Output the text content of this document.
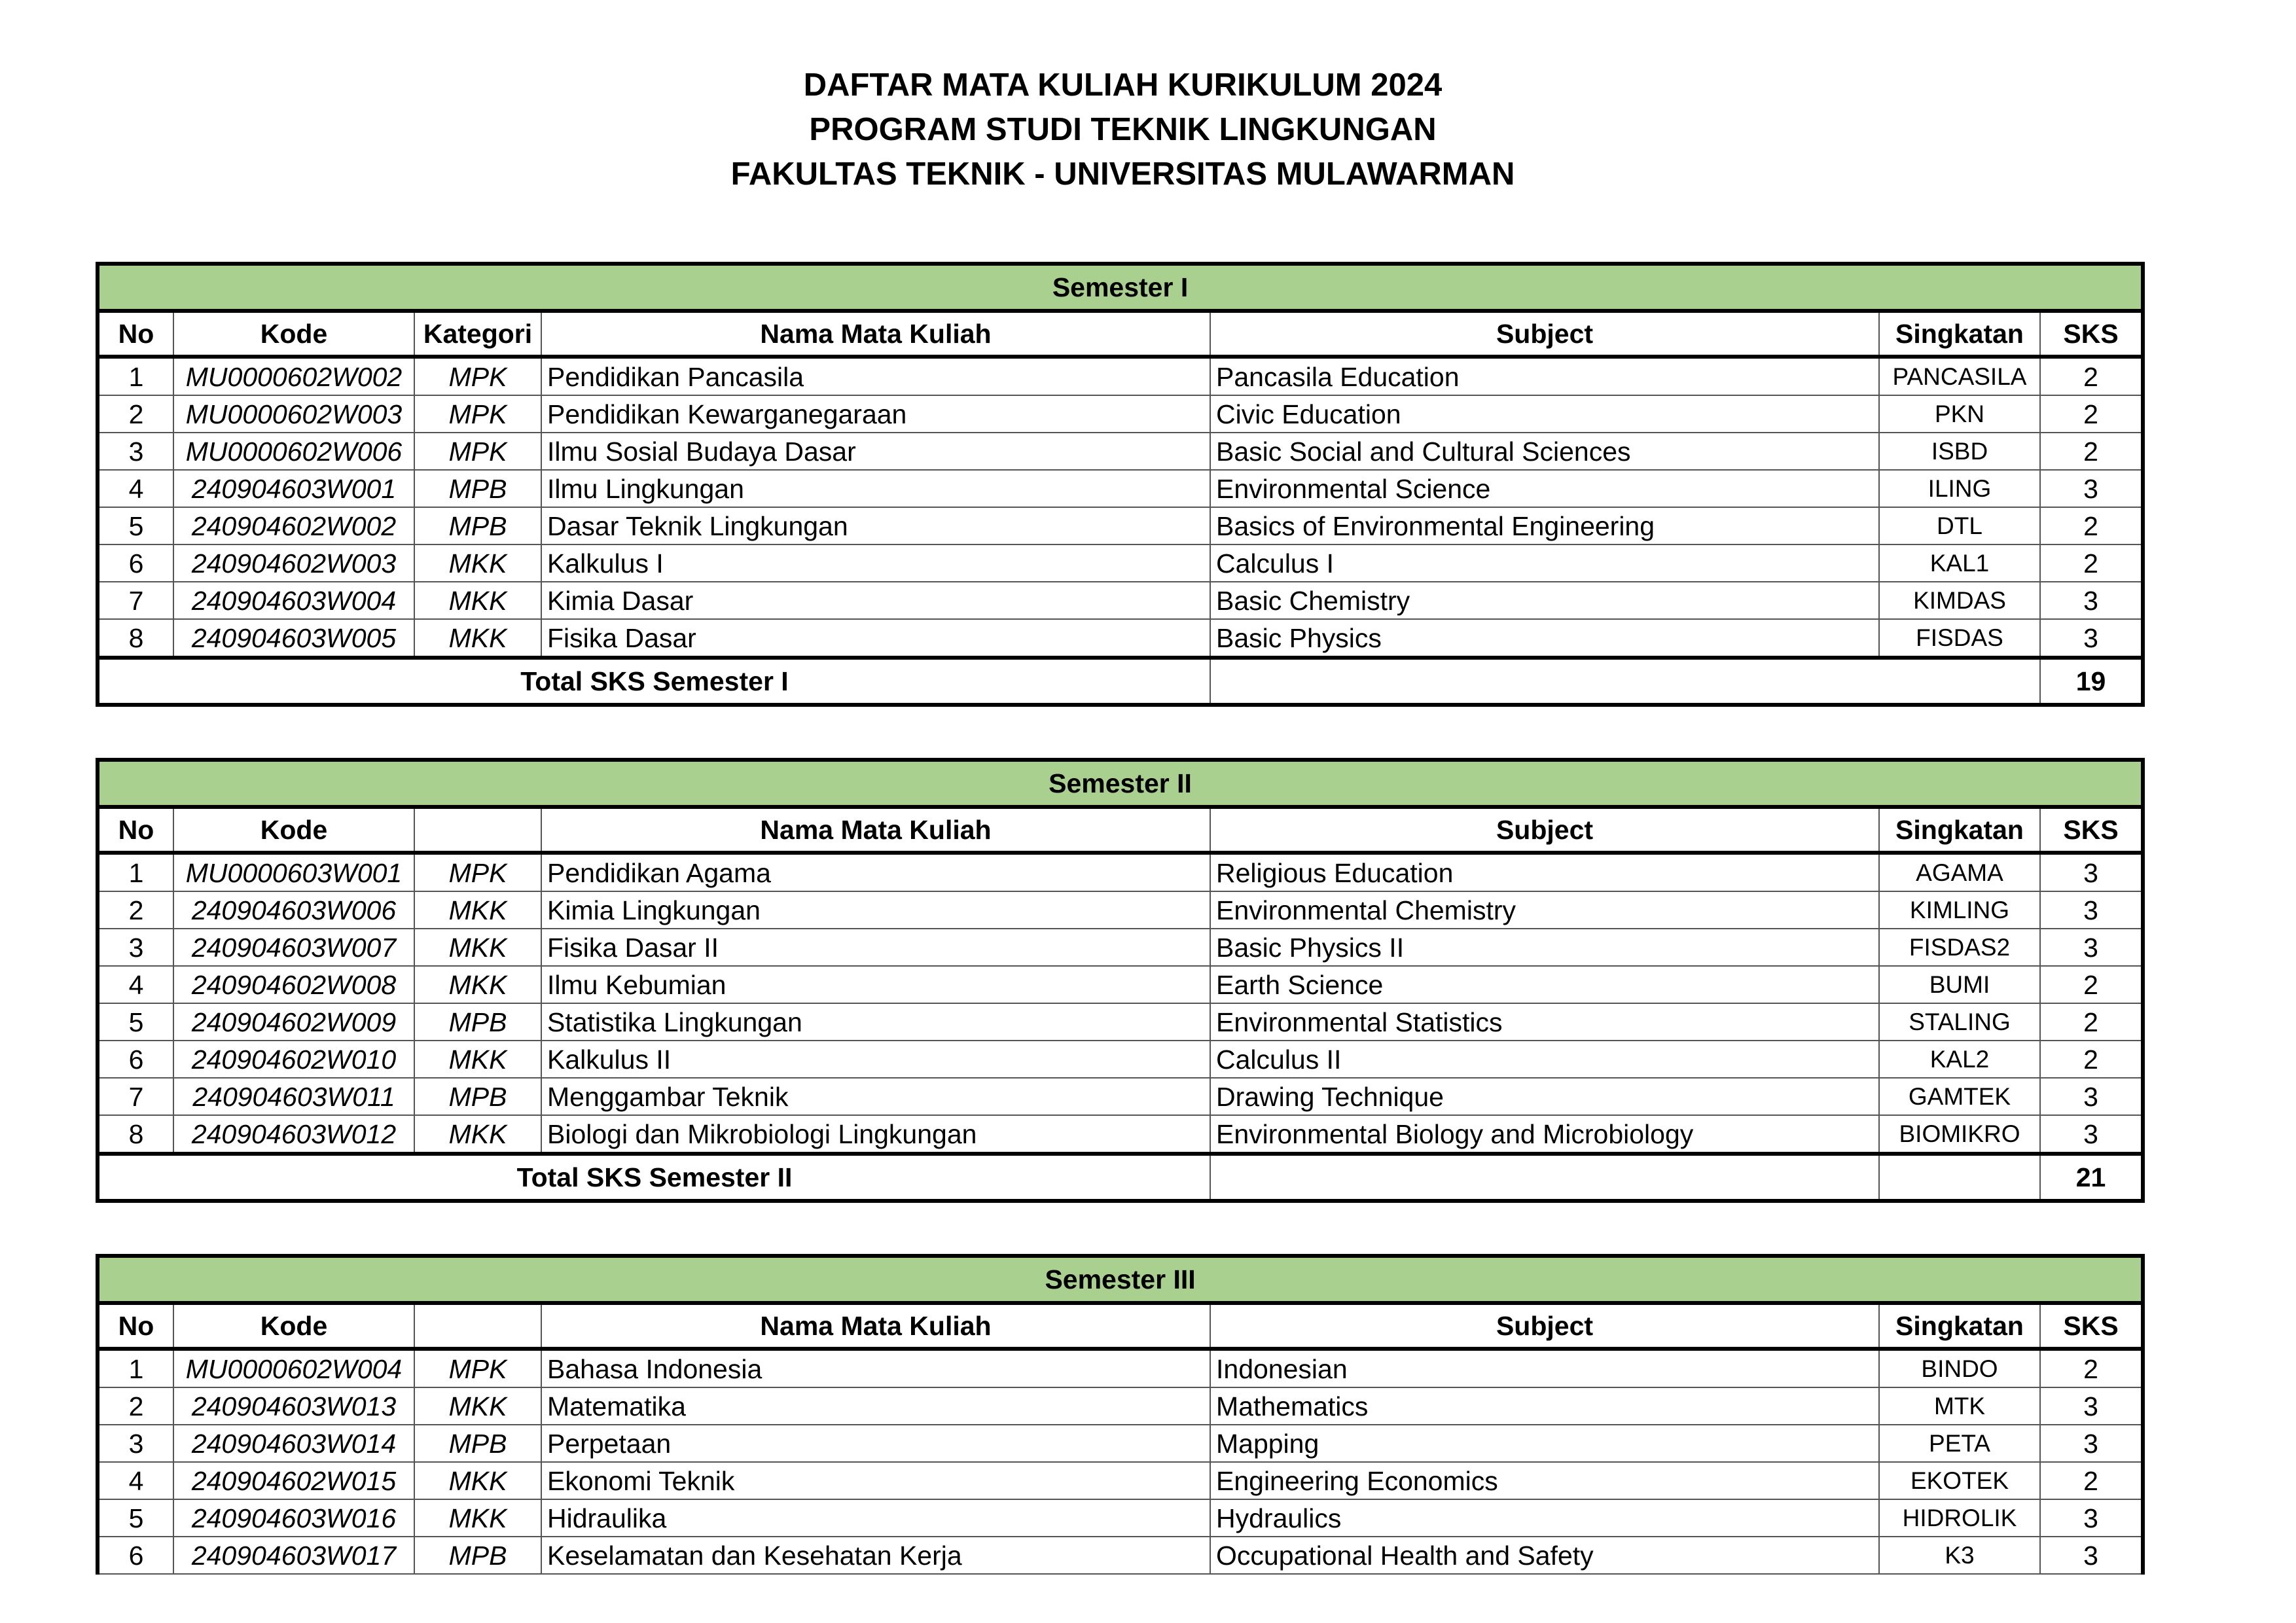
DAFTAR MATA KULIAH KURIKULUM 2024
PROGRAM STUDI TEKNIK LINGKUNGAN
FAKULTAS TEKNIK - UNIVERSITAS MULAWARMAN
Semester I						
No	Kode	Kategori	Nama Mata Kuliah	Subject	Singkatan	SKS
1	MU0000602W002	MPK	Pendidikan Pancasila	Pancasila Education	PANCASILA	2
2	MU0000602W003	MPK	Pendidikan Kewarganegaraan	Civic Education	PKN	2
3	MU0000602W006	MPK	Ilmu Sosial Budaya Dasar	Basic Social and Cultural Sciences	ISBD	2
4	240904603W001	MPB	Ilmu Lingkungan	Environmental Science	ILING	3
5	240904602W002	MPB	Dasar Teknik Lingkungan	Basics of Environmental Engineering	DTL	2
6	240904602W003	MKK	Kalkulus I	Calculus I	KAL1	2
7	240904603W004	MKK	Kimia Dasar	Basic Chemistry	KIMDAS	3
8	240904603W005	MKK	Fisika Dasar	Basic Physics	FISDAS	3
Total SKS Semester I						19
Semester II						
No	Kode		Nama Mata Kuliah	Subject	Singkatan	SKS
1	MU0000603W001	MPK	Pendidikan Agama	Religious Education	AGAMA	3
2	240904603W006	MKK	Kimia Lingkungan	Environmental Chemistry	KIMLING	3
3	240904603W007	MKK	Fisika Dasar II	Basic Physics II	FISDAS2	3
4	240904602W008	MKK	Ilmu Kebumian	Earth Science	BUMI	2
5	240904602W009	MPB	Statistika Lingkungan	Environmental Statistics	STALING	2
6	240904602W010	MKK	Kalkulus II	Calculus II	KAL2	2
7	240904603W011	MPB	Menggambar Teknik	Drawing Technique	GAMTEK	3
8	240904603W012	MKK	Biologi dan Mikrobiologi Lingkungan	Environmental Biology and Microbiology	BIOMIKRO	3
Total SKS Semester II						21
Semester III						
No	Kode		Nama Mata Kuliah	Subject	Singkatan	SKS
1	MU0000602W004	MPK	Bahasa Indonesia	Indonesian	BINDO	2
2	240904603W013	MKK	Matematika	Mathematics	MTK	3
3	240904603W014	MPB	Perpetaan	Mapping	PETA	3
4	240904602W015	MKK	Ekonomi Teknik	Engineering Economics	EKOTEK	2
5	240904603W016	MKK	Hidraulika	Hydraulics	HIDROLIK	3
6	240904603W017	MPB	Keselamatan dan Kesehatan Kerja	Occupational Health and Safety	K3	3
